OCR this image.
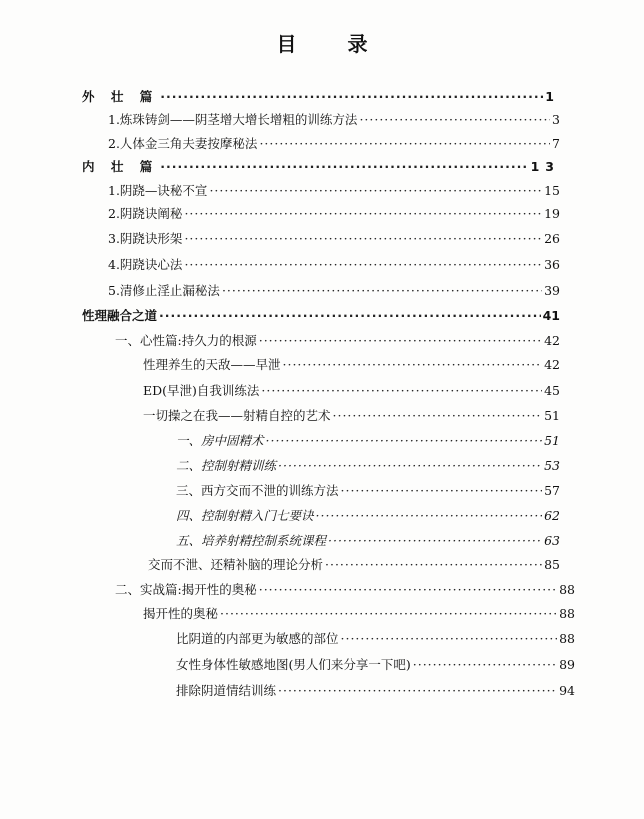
目 录
外 壮 篇 ·····	1
1.炼珠铸剑——阴茎增大增长增粗的训练方法 ·····	3
2.人体金三角夫妻按摩秘法 ·····	7
内 壮 篇 ·····	13
1.阴跷—诀秘不宣 ·····	15
2.阴跷诀阐秘 ·····	19
3.阴跷诀形架 ·····	26
4.阴跷诀心法 ·····	36
5.清修止淫止漏秘法 ·····	39
性理融合之道 ·····	41
一、心性篇:持久力的根源 ·····	42
性理养生的天敌——早泄 ·····	42
ED(早泄)自我训练法 ·····	45
一切操之在我——射精自控的艺术 ·····	51
一、房中固精术 ·····	51
二、控制射精训练 ·····	53
三、西方交而不泄的训练方法 ·····	57
四、控制射精入门七要诀 ·····	62
五、培养射精控制系统课程 ·····	63
交而不泄、还精补脑的理论分析 ·····	85
二、实战篇:揭开性的奥秘 ·····	88
揭开性的奥秘 ·····	88
比阴道的内部更为敏感的部位 ·····	88
女性身体性敏感地图(男人们来分享一下吧) ·····	89
排除阴道情结训练 ·····	94
